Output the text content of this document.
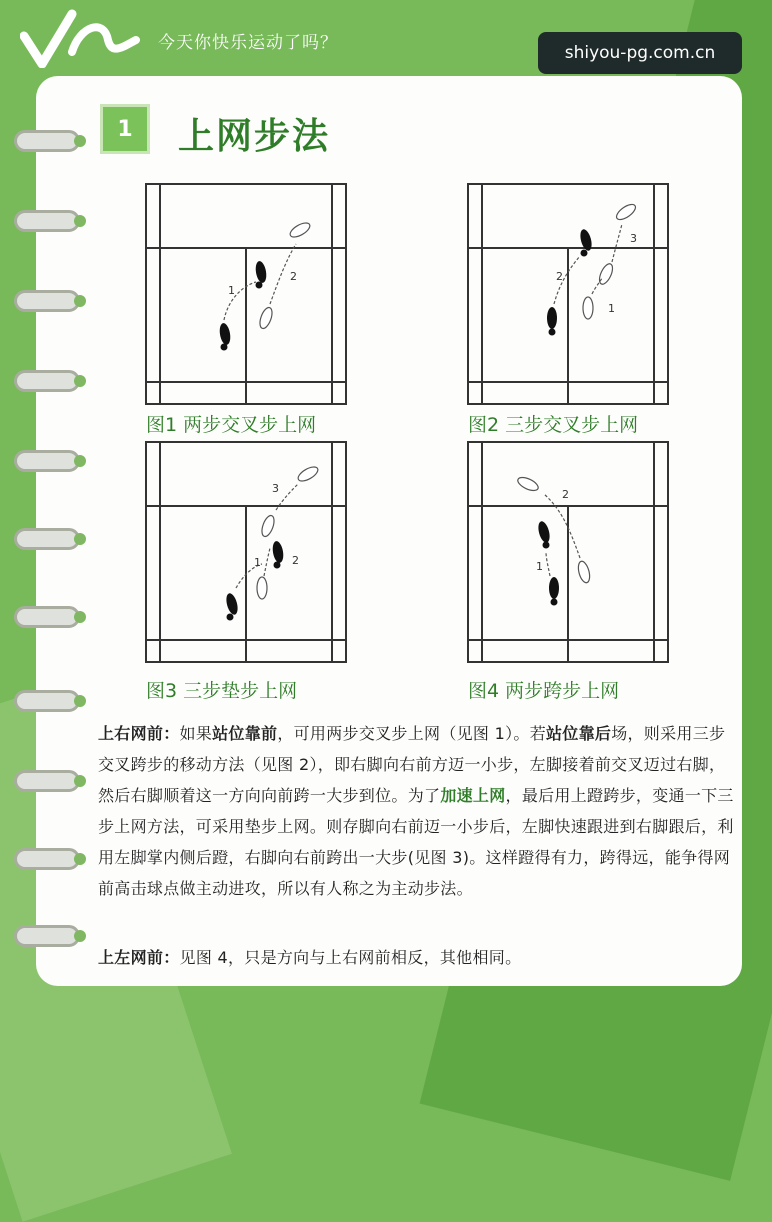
今天你快乐运动了吗？	shiyou-pg.com.cn
1	上网步法
1
2
图1 两步交叉步上网
2
3
1
图2 三步交叉步上网
3
1	2
图3 三步垫步上网
2
1
图4 两步跨步上网
上右网前：如果站位靠前，可用两步交叉步上网（见图 1）。若站位靠后场，则采用三步交叉跨步的移动方法（见图 2），即右脚向右前方迈一小步，左脚接着前交叉迈过右脚，然后右脚顺着这一方向向前跨一大步到位。为了加速上网，最后用上蹬跨步，变通一下三步上网方法，可采用垫步上网。则存脚向右前迈一小步后，左脚快速跟进到右脚跟后，利用左脚掌内侧后蹬，右脚向右前跨出一大步(见图 3)。这样蹬得有力，跨得远，能争得网前高击球点做主动进攻，所以有人称之为主动步法。
上左网前：见图 4，只是方向与上右网前相反，其他相同。
